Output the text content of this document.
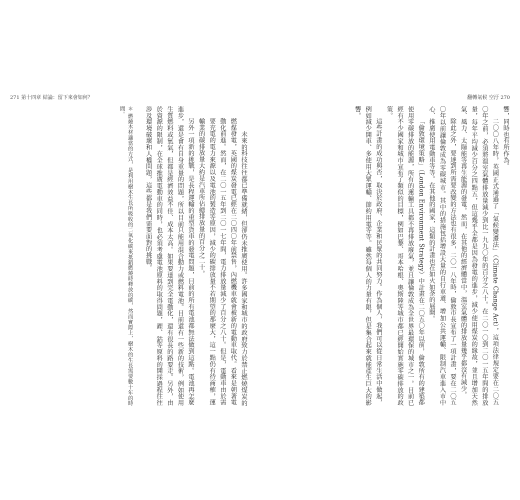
271 第十四章 結論：留下來會如何？

未來的科技往往都已準備就緒，但卻仍未推廣使用。許多國家和城市的政府致力於禁止燃燒煤炭的燃煤發電，英國的煤炭發電已經在二〇四〇年前禁售，內燃機車就會被新的電動車取代。看來是朝著電動化前進。然而，在二〇一五年到二〇一七年間，電力排放量減少了百分之八十。但是，電動車由於需要充電的電力來源以及電池的製造等原因，減少的碳排放量不若期望的那麼大，這一點仍有待商榷，運輸業的碳排放量大約是汽車所佔總排放量的百分之二十。

另外一項新的挑戰，是長程運輸的重型貨車的發電問題，目前的所有電池都無法做到這點。電池再怎麼進步，還是會有自身重量的問題，所以目前只能用混合動力或燃料電池。目前還有一些新的技術，例如使用生質燃料或氫氣，但都是經濟效益不佳、成本太高。如果要達到完全電動化，還有很長的路要走。另外，由於資源的限制，在全球推廣電動車的同時，也必須考慮電池原料的取得問題，鋰、鈷等原料的開採過程往往涉及環境破壞和人權問題，這些都是我們需要面對的挑戰。

＊ 燃燒木材適當的方式，是利用樹木生長所吸收的二氧化碳來抵銷燃燒時釋放的碳，然而實際上，樹木的生長需要數十年的時間。

翻轉氣候 空汙 270

響，同時也有所作為。

二〇〇八年時，英國正式通過了「氣候變遷法」（Climate Change Act），這項法律規定要在二〇五〇年之前，必須將溫室氣體排放量減少到比一九九〇年的百分之八十。在二〇一〇到二〇一五年間的排放量，每年平均減少百分之四點五，但這幾乎全都是因為發電的進步，減少使用煤炭的緣故，並且增加天然氣、風力、太陽能等再生能源的發電。然而，在其他的經濟體當中，溫室氣體的排放量幾乎都沒有減少。

除此之外，要達到所需要改變的方法也有很多，二〇一八年時，倫敦市長宣布了一項計畫，要在二〇五〇年以前讓倫敦成為零碳城市。其中的措施包括增設大量的自行車道、增加公共運輸、限制汽車進入市中心、推廣使用電動車等等。在其他的國家，這類的計畫也在如火如荼的展開。

「倫敦環境策略」（London Environment Strategy）中計畫在二〇五〇年以前，倫敦所有的建築都使用零碳排放的能源，所有的運輸工具都不再排放廢氣，並且讓倫敦成為全世界最環保的城市之一。目前已經有不少國家和城市宣布了類似的目標，例如巴黎、哥本哈根、奧斯陸等城市都已經開始實施零碳排放的政策。

這些計畫的成功與否，取決於政府、企業和民眾的共同努力。作為個人，我們可以從日常生活中做起，例如減少開車、多使用大眾運輸、節約用電等等。雖然每個人的力量有限，但是集合起來就能產生巨大的影響。
